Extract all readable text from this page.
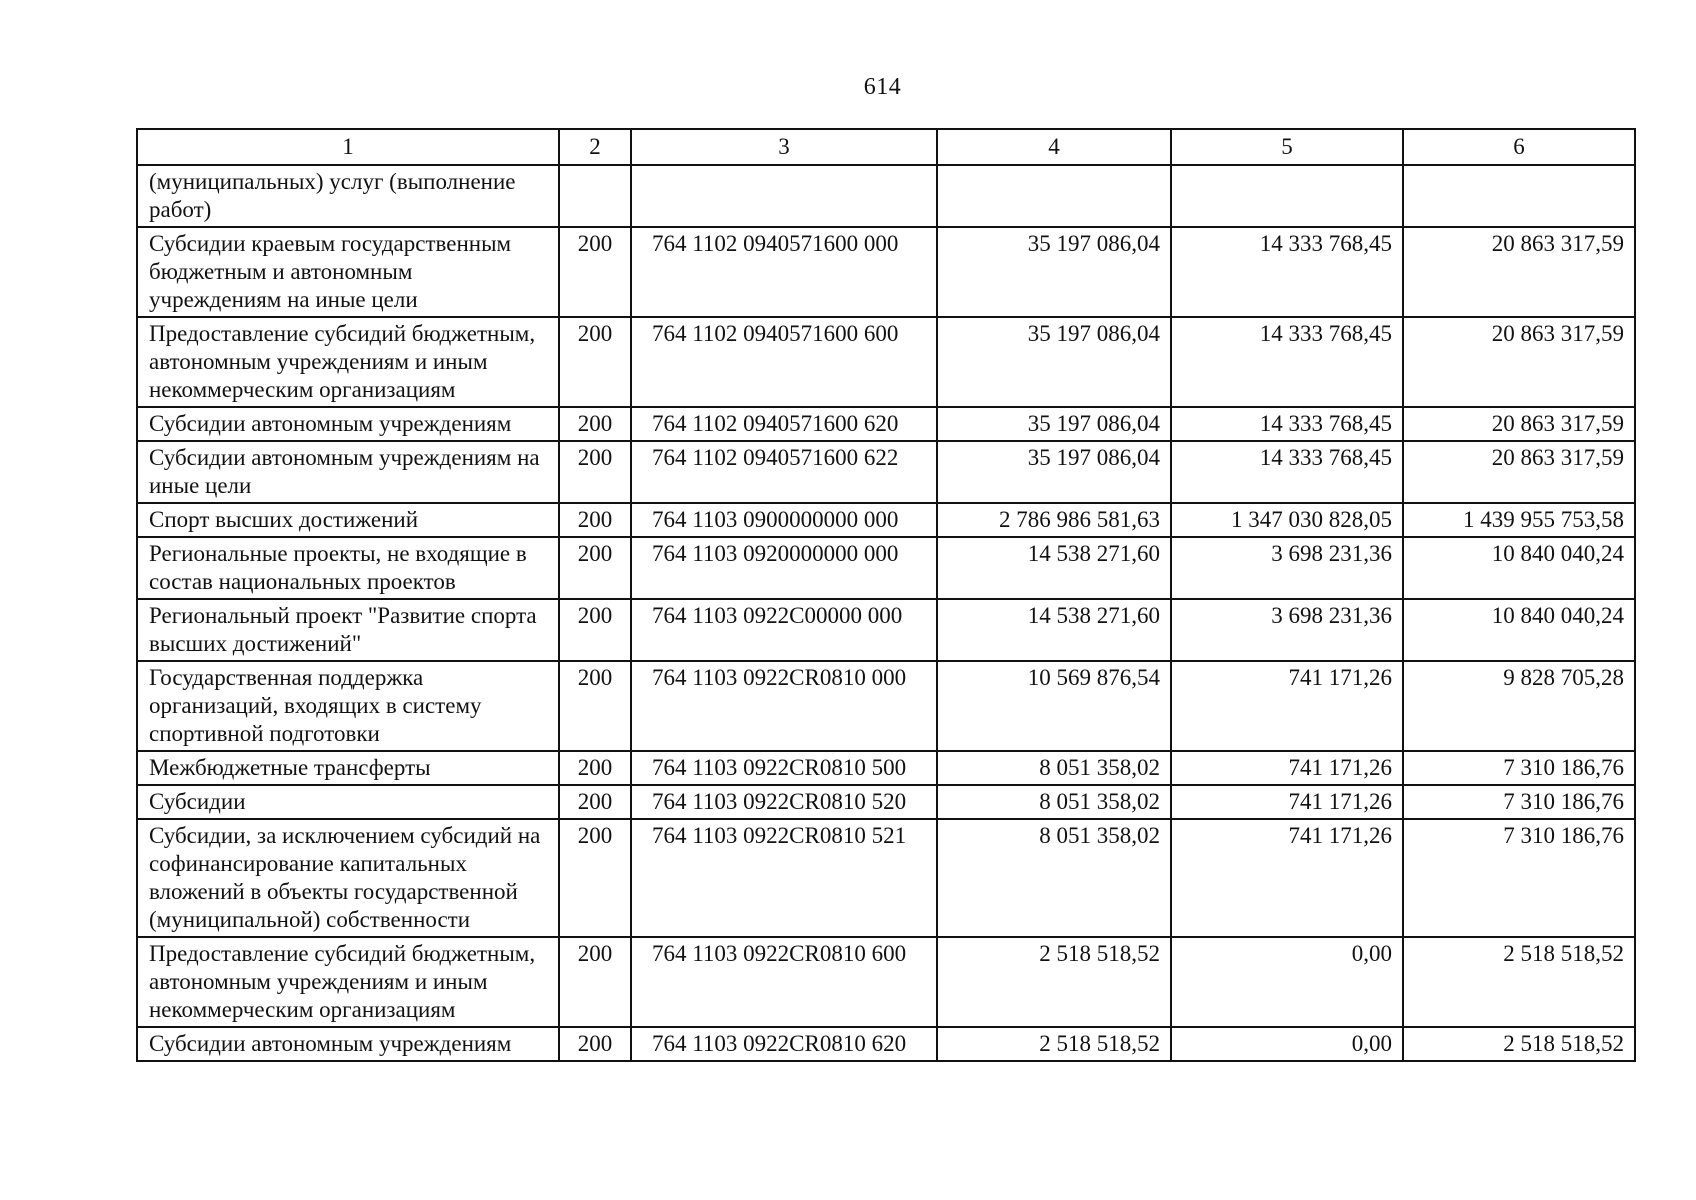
614
1	2	3	4	5	6
(муниципальных) услуг (выполнение работ)					
Субсидии краевым государственным бюджетным и автономным учреждениям на иные цели	200	764 1102 0940571600 000	35 197 086,04	14 333 768,45	20 863 317,59
Предоставление субсидий бюджетным, автономным учреждениям и иным некоммерческим организациям	200	764 1102 0940571600 600	35 197 086,04	14 333 768,45	20 863 317,59
Субсидии автономным учреждениям	200	764 1102 0940571600 620	35 197 086,04	14 333 768,45	20 863 317,59
Субсидии автономным учреждениям на иные цели	200	764 1102 0940571600 622	35 197 086,04	14 333 768,45	20 863 317,59
Спорт высших достижений	200	764 1103 0900000000 000	2 786 986 581,63	1 347 030 828,05	1 439 955 753,58
Региональные проекты, не входящие в состав национальных проектов	200	764 1103 0920000000 000	14 538 271,60	3 698 231,36	10 840 040,24
Региональный проект "Развитие спорта высших достижений"	200	764 1103 0922C00000 000	14 538 271,60	3 698 231,36	10 840 040,24
Государственная поддержка организаций, входящих в систему спортивной подготовки	200	764 1103 0922CR0810 000	10 569 876,54	741 171,26	9 828 705,28
Межбюджетные трансферты	200	764 1103 0922CR0810 500	8 051 358,02	741 171,26	7 310 186,76
Субсидии	200	764 1103 0922CR0810 520	8 051 358,02	741 171,26	7 310 186,76
Субсидии, за исключением субсидий на софинансирование капитальных вложений в объекты государственной (муниципальной) собственности	200	764 1103 0922CR0810 521	8 051 358,02	741 171,26	7 310 186,76
Предоставление субсидий бюджетным, автономным учреждениям и иным некоммерческим организациям	200	764 1103 0922CR0810 600	2 518 518,52	0,00	2 518 518,52
Субсидии автономным учреждениям	200	764 1103 0922CR0810 620	2 518 518,52	0,00	2 518 518,52
